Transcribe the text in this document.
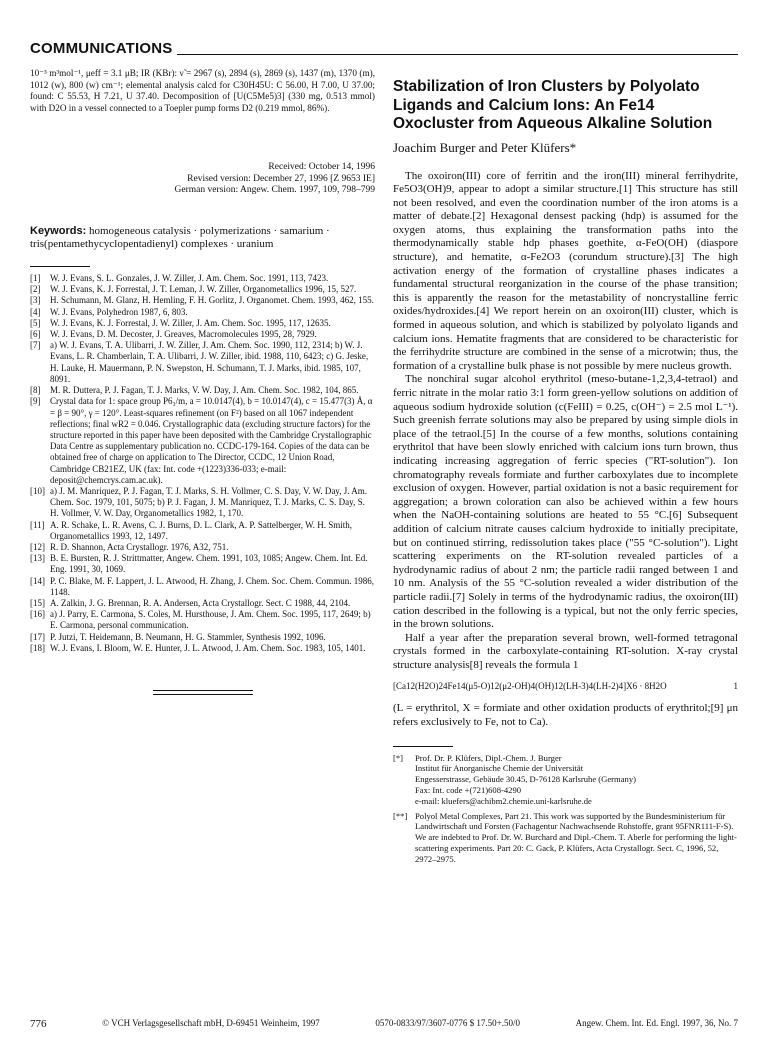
COMMUNICATIONS
10⁻³ m³mol⁻¹, μeff = 3.1 μB; IR (KBr): ν̃ = 2967 (s), 2894 (s), 2869 (s), 1437 (m), 1370 (m), 1012 (w), 800 (w) cm⁻¹; elemental analysis calcd for C30H45U: C 56.00, H 7.00, U 37.00; found: C 55.53, H 7.21, U 37.40. Decomposition of [U(C5Me5)3] (330 mg, 0.513 mmol) with D2O in a vessel connected to a Toepler pump forms D2 (0.219 mmol, 86%).
Received: October 14, 1996
Revised version: December 27, 1996 [Z 9653 IE]
German version: Angew. Chem. 1997, 109, 798–799
Keywords: homogeneous catalysis · polymerizations · samarium · tris(pentamethycyclopentadienyl) complexes · uranium
[1]	W. J. Evans, S. L. Gonzales, J. W. Ziller, J. Am. Chem. Soc. 1991, 113, 7423.
[2]	W. J. Evans, K. J. Forrestal, J. T. Leman, J. W. Ziller, Organometallics 1996, 15, 527.
[3]	H. Schumann, M. Glanz, H. Hemling, F. H. Gorlitz, J. Organomet. Chem. 1993, 462, 155.
[4]	W. J. Evans, Polyhedron 1987, 6, 803.
[5]	W. J. Evans, K. J. Forrestal, J. W. Ziller, J. Am. Chem. Soc. 1995, 117, 12635.
[6]	W. J. Evans, D. M. Decoster, J. Greaves, Macromolecules 1995, 28, 7929.
[7]	a) W. J. Evans, T. A. Ulibarri, J. W. Ziller, J. Am. Chem. Soc. 1990, 112, 2314; b) W. J. Evans, L. R. Chamberlain, T. A. Ulibarri, J. W. Ziller, ibid. 1988, 110, 6423; c) G. Jeske, H. Lauke, H. Mauermann, P. N. Swepston, H. Schumann, T. J. Marks, ibid. 1985, 107, 8091.
[8]	M. R. Duttera, P. J. Fagan, T. J. Marks, V. W. Day, J. Am. Chem. Soc. 1982, 104, 865.
[9]	Crystal data for 1: space group P6₃/m, a = 10.0147(4), b = 10.0147(4), c = 15.477(3) Å, α = β = 90°, γ = 120°. Least-squares refinement (on F²) based on all 1067 independent reflections; final wR2 = 0.046. Crystallographic data (excluding structure factors) for the structure reported in this paper have been deposited with the Cambridge Crystallographic Data Centre as supplementary publication no. CCDC-179-164. Copies of the data can be obtained free of charge on application to The Director, CCDC, 12 Union Road, Cambridge CB21EZ, UK (fax: Int. code +(1223)336-033; e-mail: deposit@chemcrys.cam.ac.uk).
[10] a) J. M. Manriquez, P. J. Fagan, T. J. Marks, S. H. Vollmer, C. S. Day, V. W. Day, J. Am. Chem. Soc. 1979, 101, 5075; b) P. J. Fagan, J. M. Manriquez, T. J. Marks, C. S. Day, S. H. Vollmer, V. W. Day, Organometallics 1982, 1, 170.
[11] A. R. Schake, L. R. Avens, C. J. Burns, D. L. Clark, A. P. Sattelberger, W. H. Smith, Organometallics 1993, 12, 1497.
[12] R. D. Shannon, Acta Crystallogr. 1976, A32, 751.
[13] B. E. Bursten, R. J. Strittmatter, Angew. Chem. 1991, 103, 1085; Angew. Chem. Int. Ed. Eng. 1991, 30, 1069.
[14] P. C. Blake, M. F. Lappert, J. L. Atwood, H. Zhang, J. Chem. Soc. Chem. Commun. 1986, 1148.
[15] A. Zalkin, J. G. Brennan, R. A. Andersen, Acta Crystallogr. Sect. C 1988, 44, 2104.
[16] a) J. Parry, E. Carmona, S. Coles, M. Hursthouse, J. Am. Chem. Soc. 1995, 117, 2649; b) E. Carmona, personal communication.
[17] P. Jutzi, T. Heidemann, B. Neumann, H. G. Stammler, Synthesis 1992, 1096.
[18] W. J. Evans, I. Bloom, W. E. Hunter, J. L. Atwood, J. Am. Chem. Soc. 1983, 105, 1401.
Stabilization of Iron Clusters by Polyolato Ligands and Calcium Ions: An Fe14 Oxocluster from Aqueous Alkaline Solution
Joachim Burger and Peter Klüfers*

The oxoiron(III) core of ferritin and the iron(III) mineral ferrihydrite, Fe5O3(OH)9, appear to adopt a similar structure.[1] This structure has still not been resolved, and even the coordination number of the iron atoms is a matter of debate.[2] Hexagonal densest packing (hdp) is assumed for the oxygen atoms, thus explaining the transformation paths into the thermodynamically stable hdp phases goethite, α-FeO(OH) (diaspore structure), and hematite, α-Fe2O3 (corundum structure).[3] The high activation energy of the formation of crystalline phases indicates a fundamental structural reorganization in the course of the phase transition; this is apparently the reason for the metastability of noncrystalline ferric oxides/hydroxides.[4] We report herein on an oxoiron(III) cluster, which is formed in aqueous solution, and which is stabilized by polyolato ligands and calcium ions. Hematite fragments that are considered to be characteristic for the ferrihydrite structure are combined in the sense of a microtwin; thus, the formation of a crystalline bulk phase is not possible by mere nucleus growth.

The nonchiral sugar alcohol erythritol (meso-butane-1,2,3,4-tetraol) and ferric nitrate in the molar ratio 3:1 form green-yellow solutions on addition of aqueous sodium hydroxide solution (c(FeIII) = 0.25, c(OH⁻) = 2.5 mol L⁻¹). Such greenish ferrate solutions may also be prepared by using simple diols in place of the tetraol.[5] In the course of a few months, solutions containing erythritol that have been slowly enriched with calcium ions turn brown, thus indicating increasing aggregation of ferric species ("RT-solution"). Ion chromatography reveals formiate and further carboxylates due to incomplete exclusion of oxygen. However, partial oxidation is not a basic requirement for aggregation; a brown coloration can also be achieved within a few hours when the NaOH-containing solutions are heated to 55 °C.[6] Subsequent addition of calcium nitrate causes calcium hydroxide to initially precipitate, but on continued stirring, redissolution takes place ("55 °C-solution"). Light scattering experiments on the RT-solution revealed particles of a hydrodynamic radius of about 2 nm; the particle radii ranged between 1 and 10 nm. Analysis of the 55 °C-solution revealed a wider distribution of the particle radii.[7] Solely in terms of the hydrodynamic radius, the oxoiron(III) cation described in the following is a typical, but not the only ferric species, in the brown solutions.

Half a year after the preparation several brown, well-formed tetragonal crystals formed in the carboxylate-containing RT-solution. X-ray crystal structure analysis[8] reveals the formula 1

[Ca12(H2O)24Fe14(μ5-O)12(μ2-OH)4(OH)12(LH-3)4(LH-2)4]X6 · 8H2O	1
(L = erythritol, X = formiate and other oxidation products of erythritol;[9] μn refers exclusively to Fe, not to Ca).
[*]	Prof. Dr. P. Klüfers, Dipl.-Chem. J. Burger
Institut für Anorganische Chemie der Universität
Engesserstrasse, Gebäude 30.45, D-76128 Karlsruhe (Germany)
Fax: Int. code +(721)608-4290
e-mail: kluefers@achibm2.chemie.uni-karlsruhe.de
[**] Polyol Metal Complexes, Part 21. This work was supported by the Bundesministerium für Landwirtschaft und Forsten (Fachagentur Nachwachsende Rohstoffe, grant 95FNR111-F-S). We are indebted to Prof. Dr. W. Burchard and Dipl.-Chem. T. Aberle for performing the light-scattering experiments. Part 20: C. Gack, P. Klüfers, Acta Crystallogr. Sect. C, 1996, 52, 2972–2975.
776	© VCH Verlagsgesellschaft mbH, D-69451 Weinheim, 1997	0570-0833/97/3607-0776 $ 17.50+.50/0	Angew. Chem. Int. Ed. Engl. 1997, 36, No. 7
